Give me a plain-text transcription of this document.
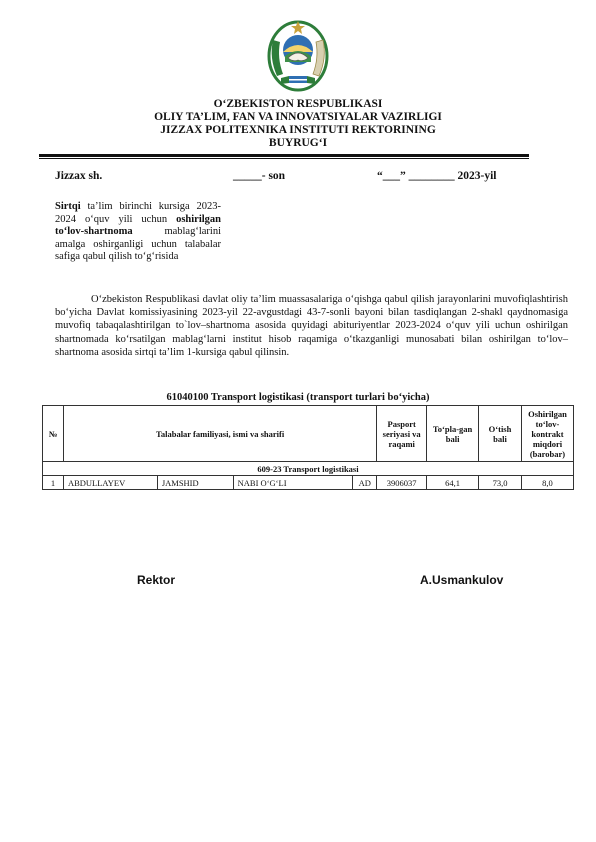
O‘ZBEKISTON RESPUBLIKASI
OLIY TA’LIM, FAN VA INNOVATSIYALAR VAZIRLIGI
JIZZAX POLITEXNIKA INSTITUTI REKTORINING
BUYRUG‘I
Jizzax sh.	_____- son	“___” ________ 2023-yil
Sirtqi ta’lim birinchi kursiga 2023-2024 o‘quv yili uchun oshirilgan to‘lov-shartnoma mablag‘larini amalga oshirganligi uchun talabalar safiga qabul qilish to‘g‘risida
O‘zbekiston Respublikasi davlat oliy ta’lim muassasalariga o‘qishga qabul qilish jarayonlarini muvofiqlashtirish bo‘yicha Davlat komissiyasining 2023-yil 22-avgustdagi 43-7-sonli bayoni bilan tasdiqlangan 2-shakl qaydnomasiga muvofiq tabaqalashtirilgan to`lov–shartnoma asosida quyidagi abituriyentlar 2023-2024 o‘quv yili uchun oshirilgan shartnomada ko‘rsatilgan mablag‘larni institut hisob raqamiga o‘tkazganligi munosabati bilan oshirilgan to‘lov–shartnoma asosida sirtqi ta’lim 1-kursiga qabul qilinsin.
61040100 Transport logistikasi (transport turlari bo‘yicha)
№	Talabalar familiyasi, ismi va sharifi				Pasport seriyasi va raqami	To‘pla-gan bali	O‘tish bali	Oshirilgan to‘lov-kontrakt miqdori (barobar)
609-23 Transport logistikasi								
1	ABDULLAYEV	JAMSHID	NABI O‘G‘LI	AD	3906037	64,1	73,0	8,0
Rektor	A.Usmankulov
